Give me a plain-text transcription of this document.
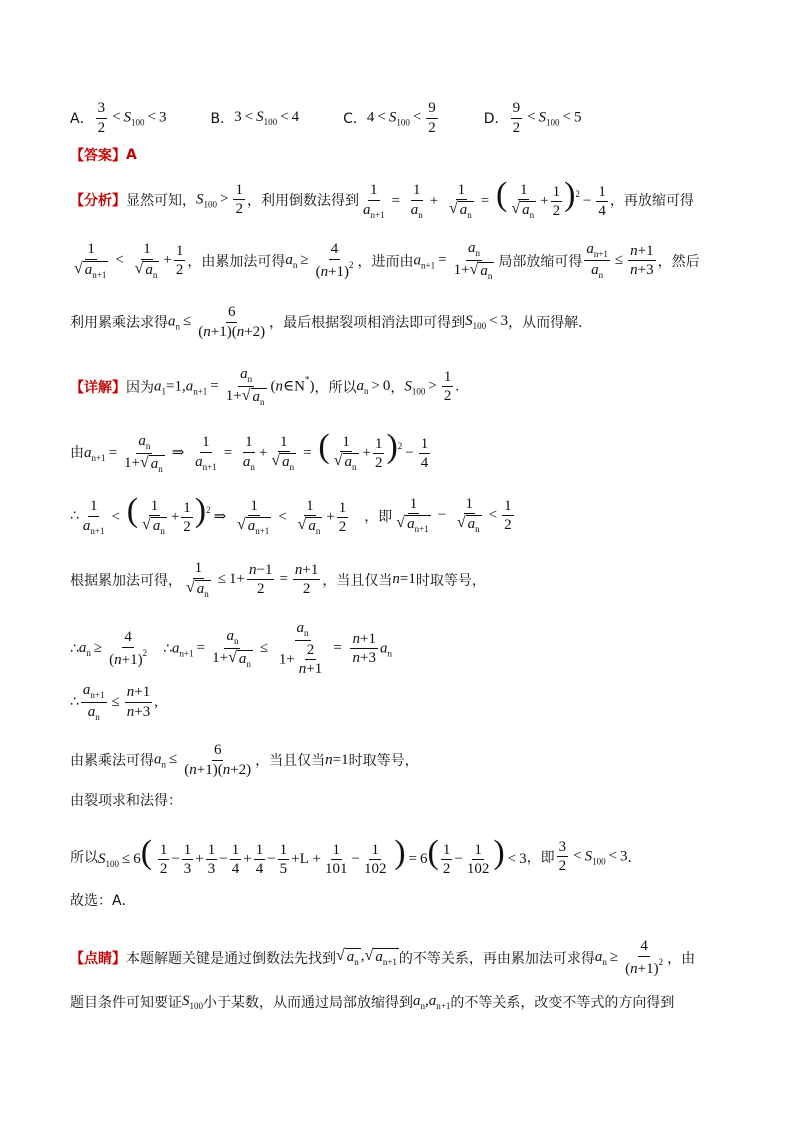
A． $\frac{3}{2} < S_{100} < 3$	B． $3 < S_{100} < 4$	C． $4 < S_{100} < \frac{9}{2}$	D． $\frac{9}{2} < S_{100} < 5$
【答案】 A
【分析】 显然可知， $S_{100} > \frac{1}{2}$ ，利用倒数法得到 $\frac{1}{a_{n+1}} = \frac{1}{a_n} + \frac{1}{√ a_n}$ = ( $\frac{1}{√ a_n} + \frac{1}{2} )^2 - \frac{1}{4}$ ，再放缩可得
$\frac{1}{√ a_{n+1}} < \frac{1}{√ a_n} + \frac{1}{2}$ ，由累加法可得 $a_n \ge \frac{4}{(n+1)^2}$ ，进而由 $a_{n+1} = \frac{a_n}{1+ √ a_n}$ 局部放缩可得 $\frac{a_{n+1}}{a_n} \le \frac{n+1}{n+3}$ ，然后
利用累乘法求得 $a_n \le \frac{6}{(n+1)(n+2)}$ ，最后根据裂项相消法即可得到 $S_{100} < 3$ ，从而得解．
【详解】 因为 $a_1=1,a_{n+1} = \frac{a_n}{1+ √ a_n}$ (n∈N*) ，所以 $a_n > 0$ ， $S_{100} > \frac{1}{2}$ .
由 $a_{n+1} = \frac{a_n}{1+ √ a_n}$ ⇒ $\frac{1}{a_{n+1}} = \frac{1}{a_n} + \frac{1}{√ a_n}$ = ( $\frac{1}{√ a_n} + \frac{1}{2} )^2 - \frac{1}{4}$
∴ $\frac{1}{a_{n+1}}$ < ( $\frac{1}{√ a_n} + \frac{1}{2} )^2$ ⇒ $\frac{1}{√ a_{n+1}} < \frac{1}{√ a_n} + \frac{1}{2}$ ，即 $\frac{1}{√ a_{n+1}} - \frac{1}{√ a_n} < \frac{1}{2}$
根据累加法可得， $\frac{1}{√ a_n} \le 1+ \frac{n-1}{2} = \frac{n+1}{2}$ ，当且仅当 n=1 时取等号，
∴ $a_n \ge \frac{4}{(n+1)^2}$ ∴ $a_{n+1} = \frac{a_n}{1+ √ a_n} \le \frac{a_n}{1+ \frac{2}{n+1}} = \frac{n+1}{n+3} a_n$
∴ $\frac{a_{n+1}}{a_n} \le \frac{n+1}{n+3}$ ,
由累乘法可得 $a_n \le \frac{6}{(n+1)(n+2)}$ ，当且仅当 n=1 时取等号，
由裂项求和法得：
所以 $S_{100} \le 6( \frac{1}{2} - \frac{1}{3} + \frac{1}{3} - \frac{1}{4} + \frac{1}{4} - \frac{1}{5} +L + \frac{1}{101} - \frac{1}{102}$ ) = $6( \frac{1}{2} - \frac{1}{102}$ ) < 3 ，即 $\frac{3}{2} < S_{100} < 3$ ．
故选：A．
【点睛】 本题解题关键是通过倒数法先找到 √ $a_n$ , √ $a_{n+1}$ 的不等关系，再由累加法可求得 $a_n \ge \frac{4}{(n+1)^2}$ ，由
题目条件可知要证 $S_{100}$ 小于某数，从而通过局部放缩得到 $a_n,a_{n+1}$ 的不等关系，改变不等式的方向得到
